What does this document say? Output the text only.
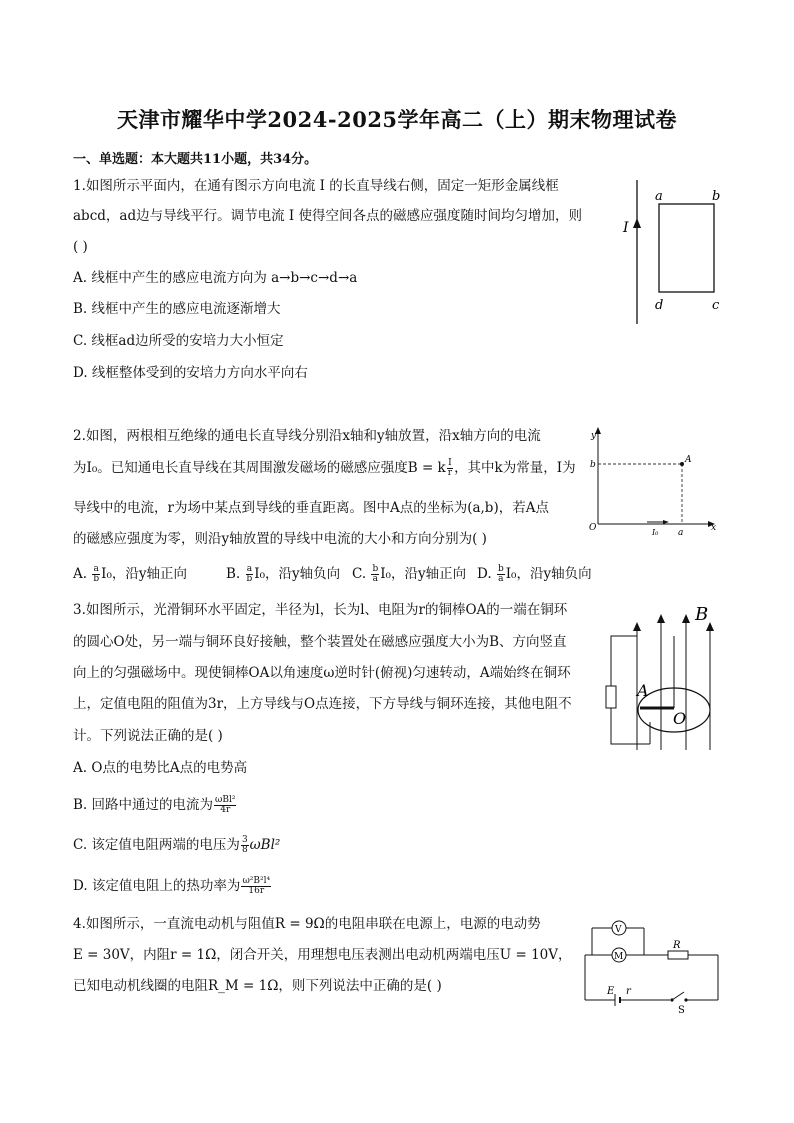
天津市耀华中学2024-2025学年高二（上）期末物理试卷
一、单选题：本大题共11小题，共34分。
1.如图所示平面内，在通有图示方向电流 I 的长直导线右侧，固定一矩形金属线框
abcd，ad边与导线平行。调节电流 I 使得空间各点的磁感应强度随时间均匀增加，则
( )
A. 线框中产生的感应电流方向为 a→b→c→d→a
B. 线框中产生的感应电流逐渐增大
C. 线框ad边所受的安培力大小恒定
D. 线框整体受到的安培力方向水平向右
I
a	b
c
d
2.如图，两根相互绝缘的通电长直导线分别沿x轴和y轴放置，沿x轴方向的电流
为I₀。已知通电长直导线在其周围激发磁场的磁感应强度B = k $\frac{I}{r}$ ，其中k为常量，I为
导线中的电流，r为场中某点到导线的垂直距离。图中A点的坐标为(a,b)，若A点
的磁感应强度为零，则沿y轴放置的导线中电流的大小和方向分别为( )
A. $\frac{a}{b} I_0$，沿y轴正向	B. $\frac{a}{b} I_0$，沿y轴负向 C. $\frac{b}{a} I_0$，沿y轴正向 D. $\frac{b}{a} I_0$，沿y轴负向
y
x
b	A
O	I₀ a
3.如图所示，光滑铜环水平固定，半径为l，长为l、电阻为r的铜棒OA的一端在铜环
的圆心O处，另一端与铜环良好接触，整个装置处在磁感应强度大小为B、方向竖直
向上的匀强磁场中。现使铜棒OA以角速度ω逆时针(俯视)匀速转动，A端始终在铜环
上，定值电阻的阻值为3r，上方导线与O点连接，下方导线与铜环连接，其他电阻不
计。下列说法正确的是( )
A. O点的电势比A点的电势高
B. 回路中通过的电流为 $\frac{\text{ωBl²}}{4r}$
C. 该定值电阻两端的电压为 $\frac{3}{8} \omega Bl^2$
D. 该定值电阻上的热功率为 $\frac{\text{ω²B²l⁴}}{16r}$
B
A
O
4.如图所示，一直流电动机与阻值R = 9Ω的电阻串联在电源上，电源的电动势
E = 30V，内阻r = 1Ω，闭合开关，用理想电压表测出电动机两端电压U = 10V，
已知电动机线圈的电阻R_M = 1Ω，则下列说法中正确的是( )
V
M
R
E r
S
